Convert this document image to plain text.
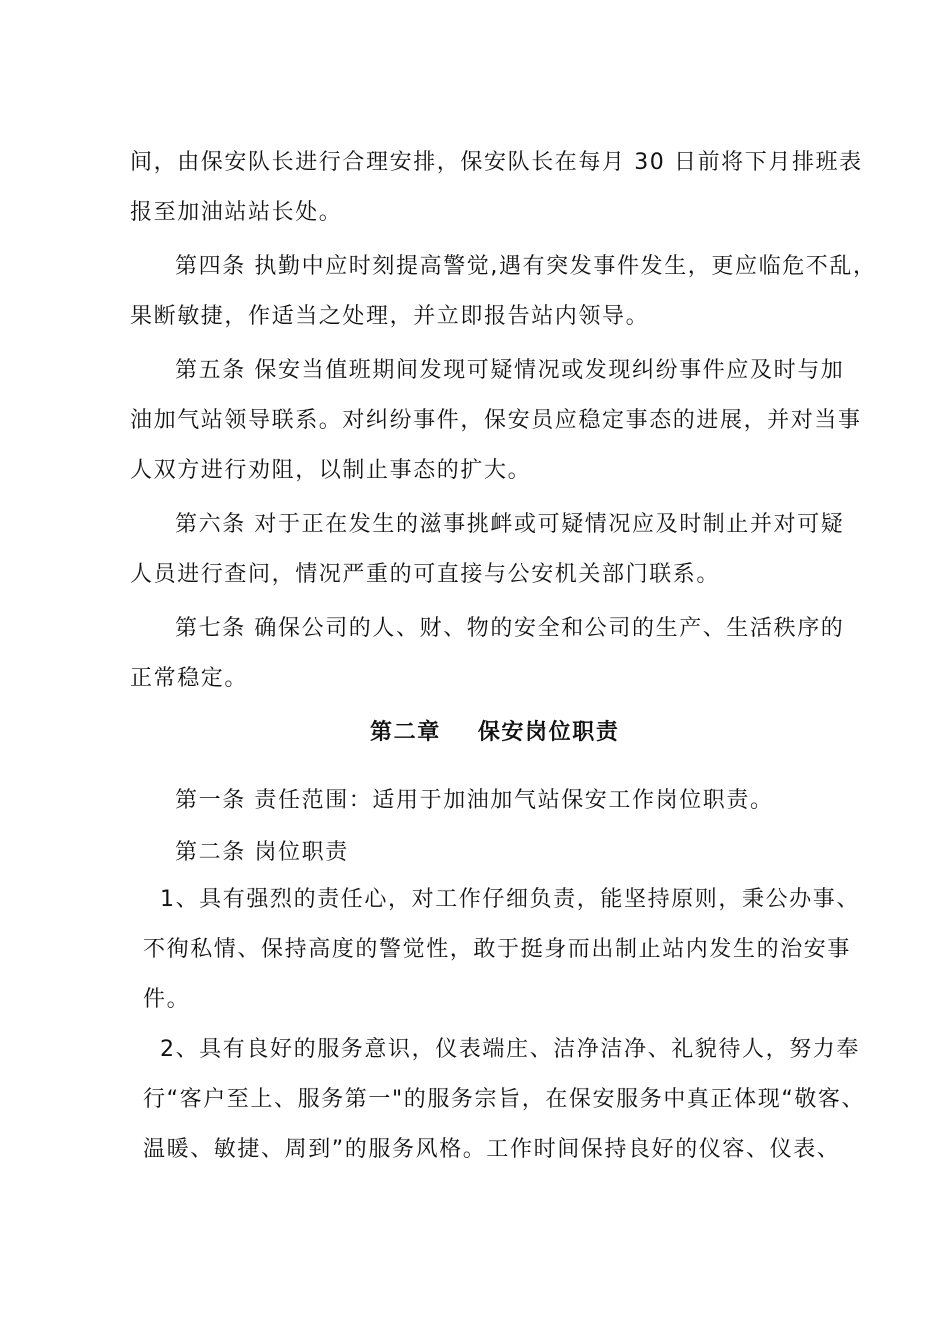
间，由保安队长进行合理安排，保安队长在每月 30 日前将下月排班表
报至加油站站长处。
第四条 执勤中应时刻提高警觉,遇有突发事件发生，更应临危不乱，
果断敏捷，作适当之处理，并立即报告站内领导。
第五条 保安当值班期间发现可疑情况或发现纠纷事件应及时与加
油加气站领导联系。对纠纷事件，保安员应稳定事态的进展，并对当事
人双方进行劝阻，以制止事态的扩大。
第六条 对于正在发生的滋事挑衅或可疑情况应及时制止并对可疑
人员进行查问，情况严重的可直接与公安机关部门联系。
第七条 确保公司的人、财、物的安全和公司的生产、生活秩序的
正常稳定。
第二章    保安岗位职责
第一条 责任范围：适用于加油加气站保安工作岗位职责。
第二条 岗位职责
1、具有强烈的责任心，对工作仔细负责，能坚持原则，秉公办事、
不徇私情、保持高度的警觉性，敢于挺身而出制止站内发生的治安事
件。
2、具有良好的服务意识，仪表端庄、洁净洁净、礼貌待人，努力奉
行“客户至上、服务第一"的服务宗旨，在保安服务中真正体现“敬客、
温暖、敏捷、周到”的服务风格。工作时间保持良好的仪容、仪表、
